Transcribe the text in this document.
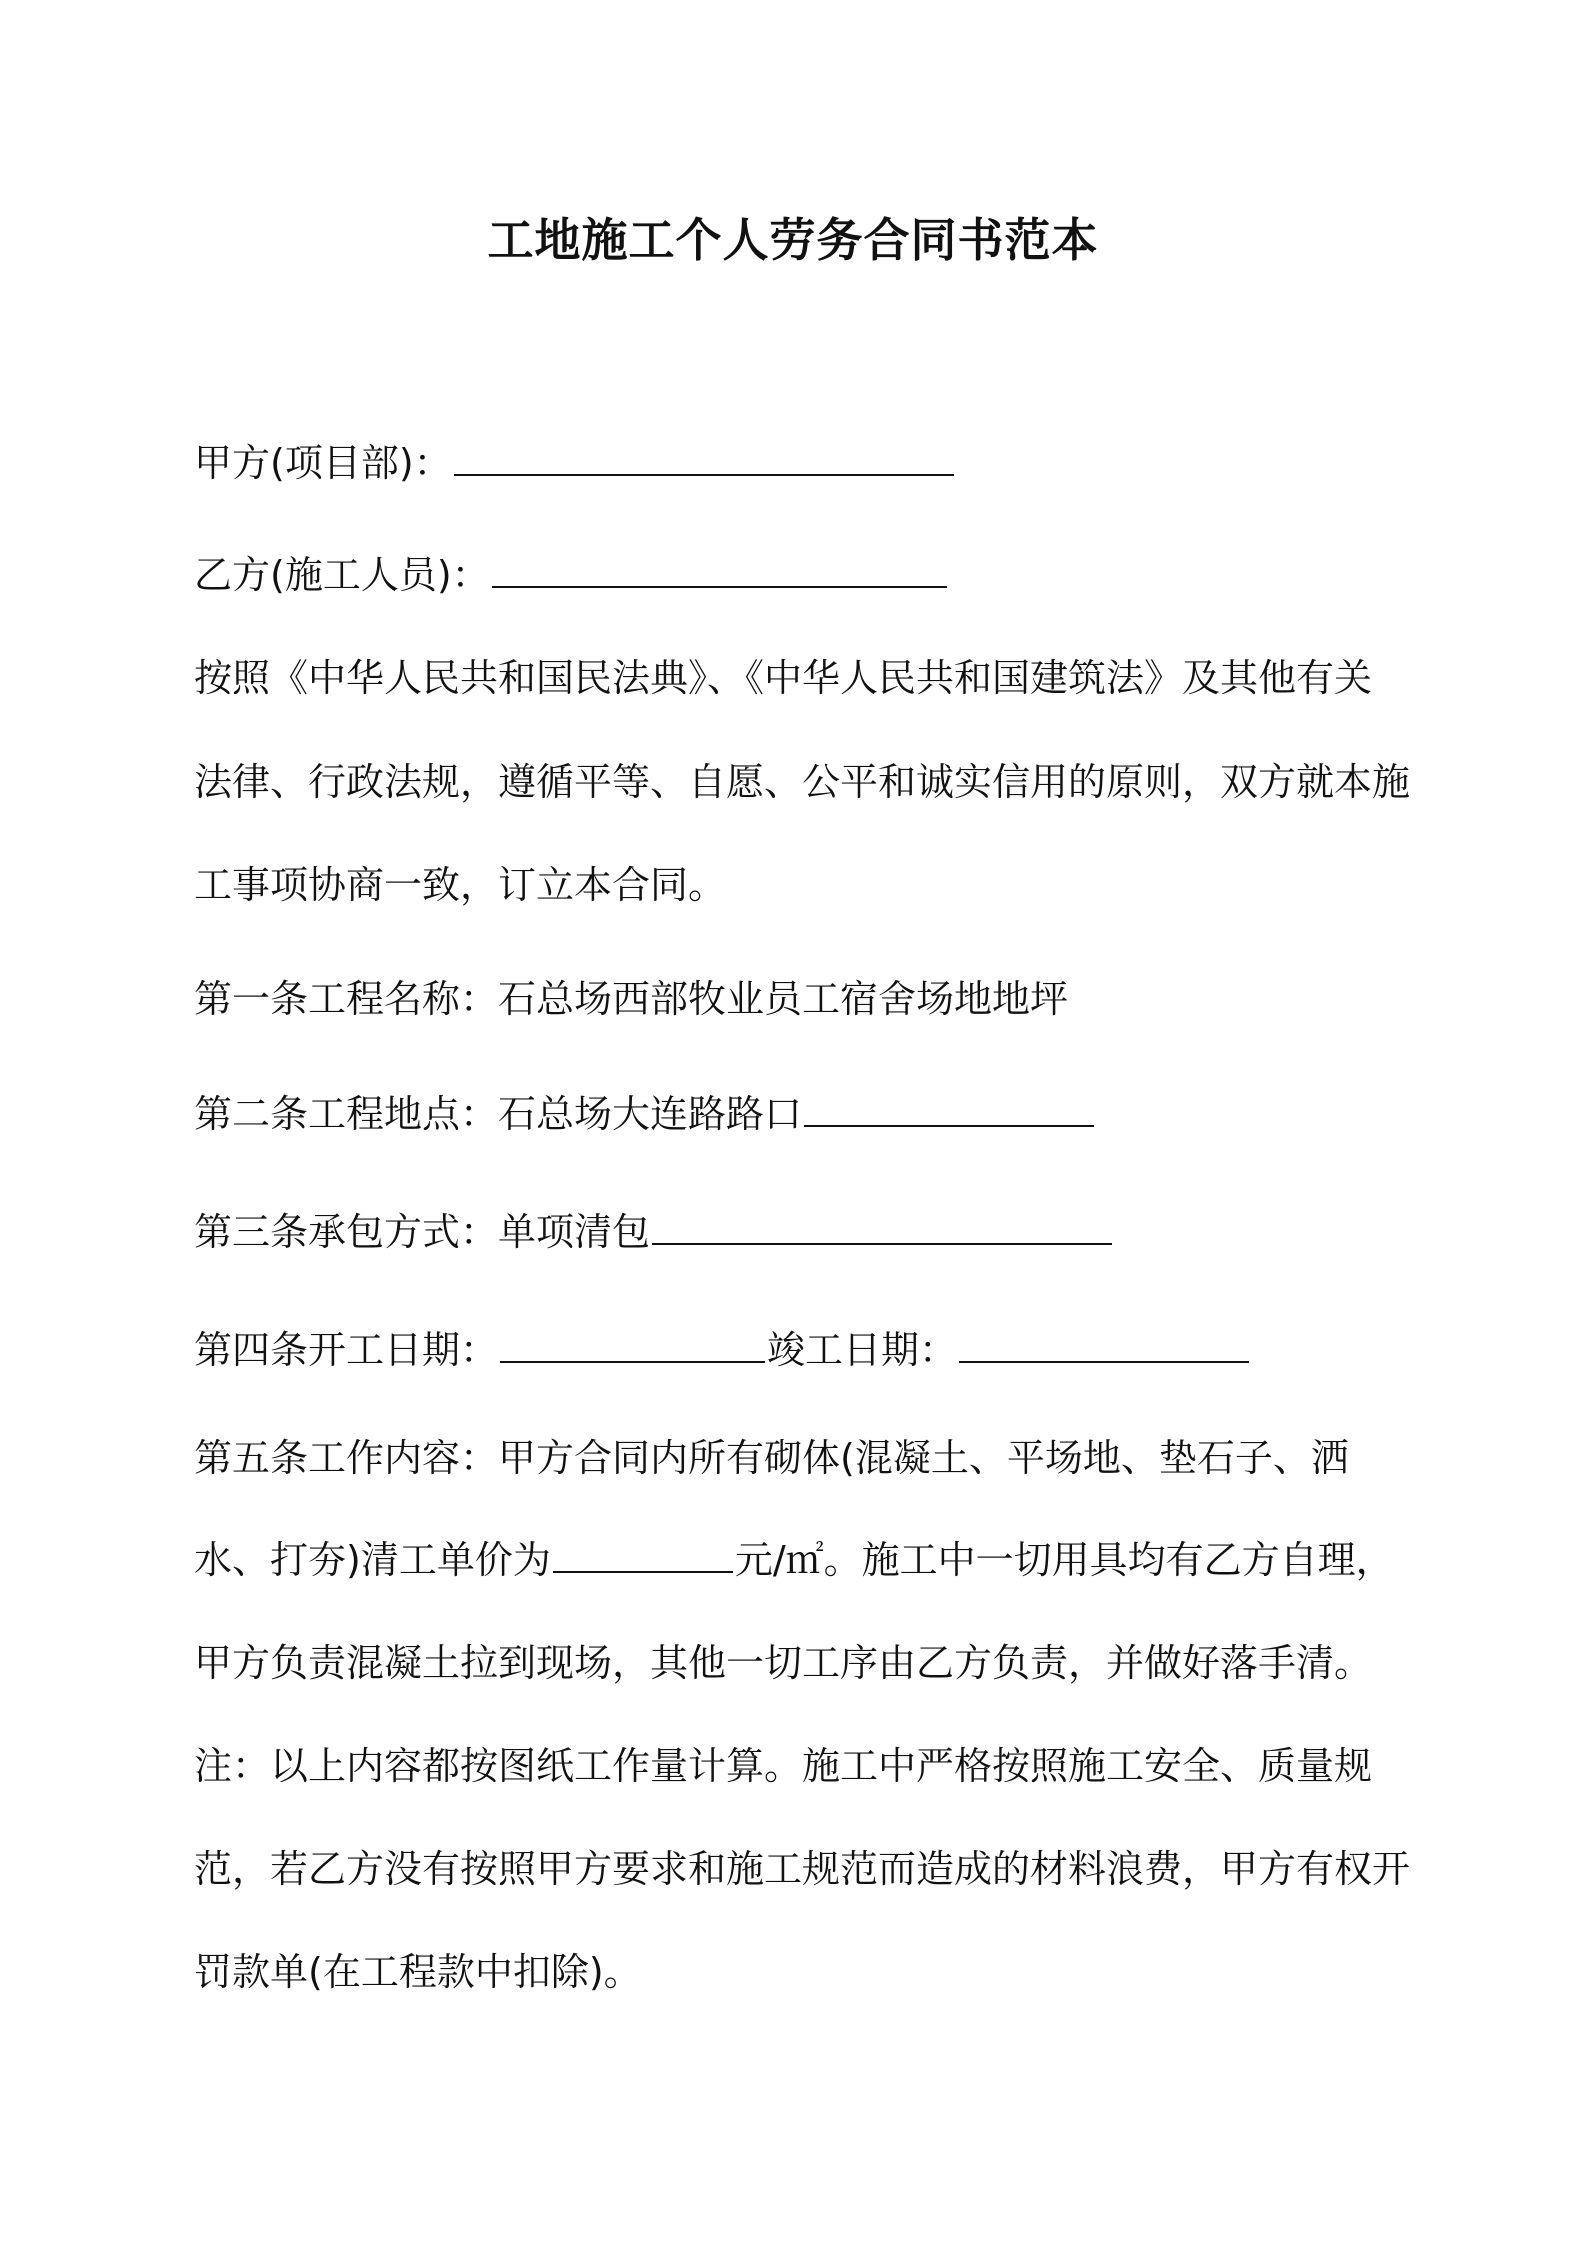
工地施工个人劳务合同书范本
甲方(项目部)：
乙方(施工人员)：
按照《中华人民共和国民法典》、《中华人民共和国建筑法》及其他有关
法律、行政法规，遵循平等、自愿、公平和诚实信用的原则，双方就本施
工事项协商一致，订立本合同。
第一条工程名称：石总场西部牧业员工宿舍场地地坪
第二条工程地点：石总场大连路路口
第三条承包方式：单项清包
第四条开工日期：	竣工日期：
第五条工作内容：甲方合同内所有砌体(混凝土、平场地、垫石子、洒
水、打夯)清工单价为	元/㎡。施工中一切用具均有乙方自理，
甲方负责混凝土拉到现场，其他一切工序由乙方负责，并做好落手清。
注：以上内容都按图纸工作量计算。施工中严格按照施工安全、质量规
范，若乙方没有按照甲方要求和施工规范而造成的材料浪费，甲方有权开
罚款单(在工程款中扣除)。
